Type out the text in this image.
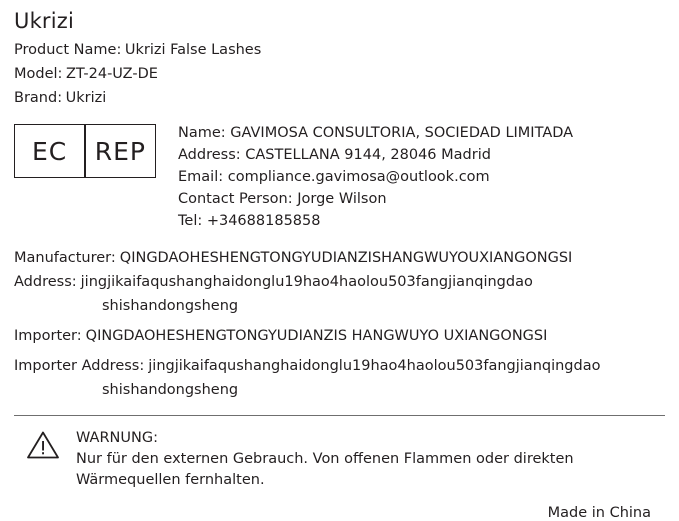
Ukrizi
Product Name: Ukrizi False Lashes
Model: ZT-24-UZ-DE
Brand: Ukrizi
EC	REP
Name: GAVIMOSA CONSULTORIA, SOCIEDAD LIMITADA
Address: CASTELLANA 9144, 28046 Madrid
Email: compliance.gavimosa@outlook.com
Contact Person: Jorge Wilson
Tel: +34688185858
Manufacturer: QINGDAOHESHENGTONGYUDIANZISHANGWUYOUXIANGONGSI
Address: jingjikaifaqushanghaidonglu19hao4haolou503fangjianqingdao
shishandongsheng
Importer: QINGDAOHESHENGTONGYUDIANZIS HANGWUYO UXIANGONGSI
Importer Address: jingjikaifaqushanghaidonglu19hao4haolou503fangjianqingdao
shishandongsheng
WARNUNG:
Nur für den externen Gebrauch. Von offenen Flammen oder direkten
Wärmequellen fernhalten.
Made in China
